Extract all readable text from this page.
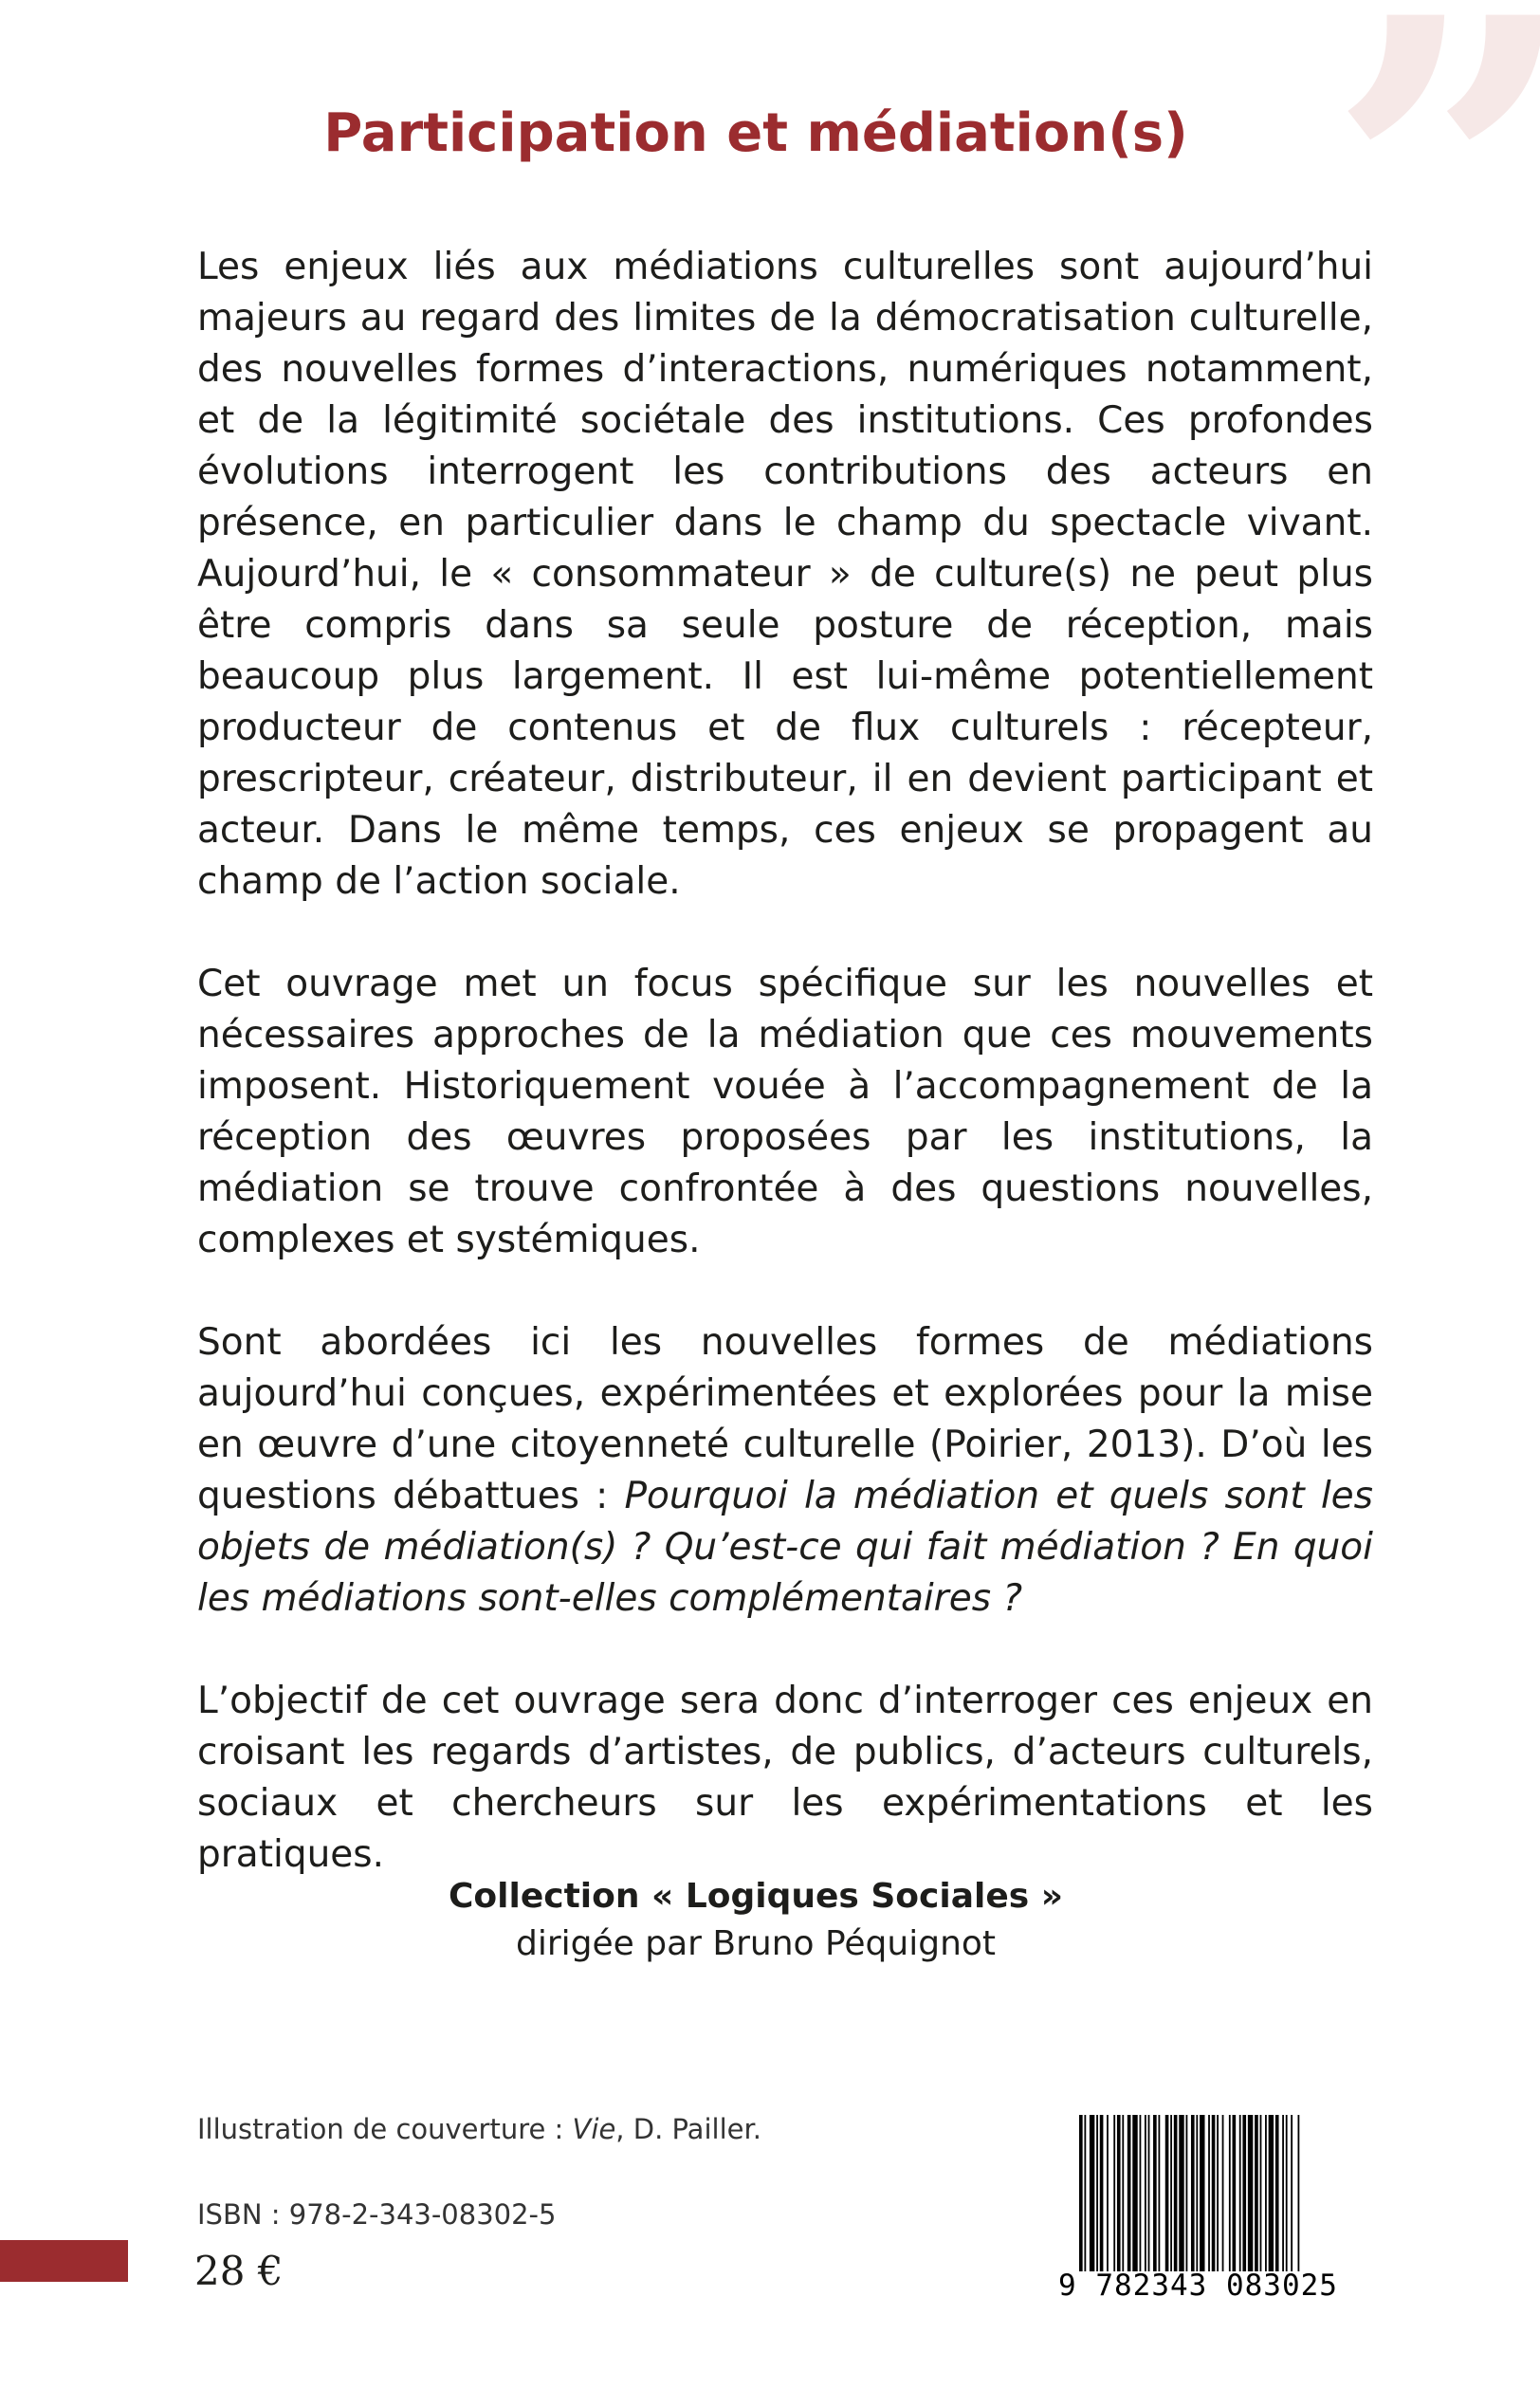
”
Participation et médiation(s)

Les enjeux liés aux médiations culturelles sont aujourd’hui majeurs au regard des limites de la démocratisation culturelle, des nouvelles formes d’interactions, numériques notamment, et de la légitimité sociétale des institutions. Ces profondes évolutions interrogent les contributions des acteurs en présence, en particulier dans le champ du spectacle vivant. Aujourd’hui, le « consommateur » de culture(s) ne peut plus être compris dans sa seule posture de réception, mais beaucoup plus largement. Il est lui-même potentiellement producteur de contenus et de flux culturels : récepteur, prescripteur, créateur, distributeur, il en devient participant et acteur. Dans le même temps, ces enjeux se propagent au champ de l’action sociale.

Cet ouvrage met un focus spécifique sur les nouvelles et nécessaires approches de la médiation que ces mouvements imposent. Historiquement vouée à l’accompagnement de la réception des œuvres proposées par les institutions, la médiation se trouve confrontée à des questions nouvelles, complexes et systémiques.

Sont abordées ici les nouvelles formes de médiations aujourd’hui conçues, expérimentées et explorées pour la mise en œuvre d’une citoyenneté culturelle (Poirier, 2013). D’où les questions débattues : Pourquoi la médiation et quels sont les objets de médiation(s) ? Qu’est-ce qui fait médiation ? En quoi les médiations sont-elles complémentaires ?

L’objectif de cet ouvrage sera donc d’interroger ces enjeux en croisant les regards d’artistes, de publics, d’acteurs culturels, sociaux et chercheurs sur les expérimentations et les pratiques.

Collection « Logiques Sociales »
dirigée par Bruno Péquignot
Illustration de couverture : Vie, D. Pailler.
ISBN : 978-2-343-08302-5
28 €	9 782343 083025
